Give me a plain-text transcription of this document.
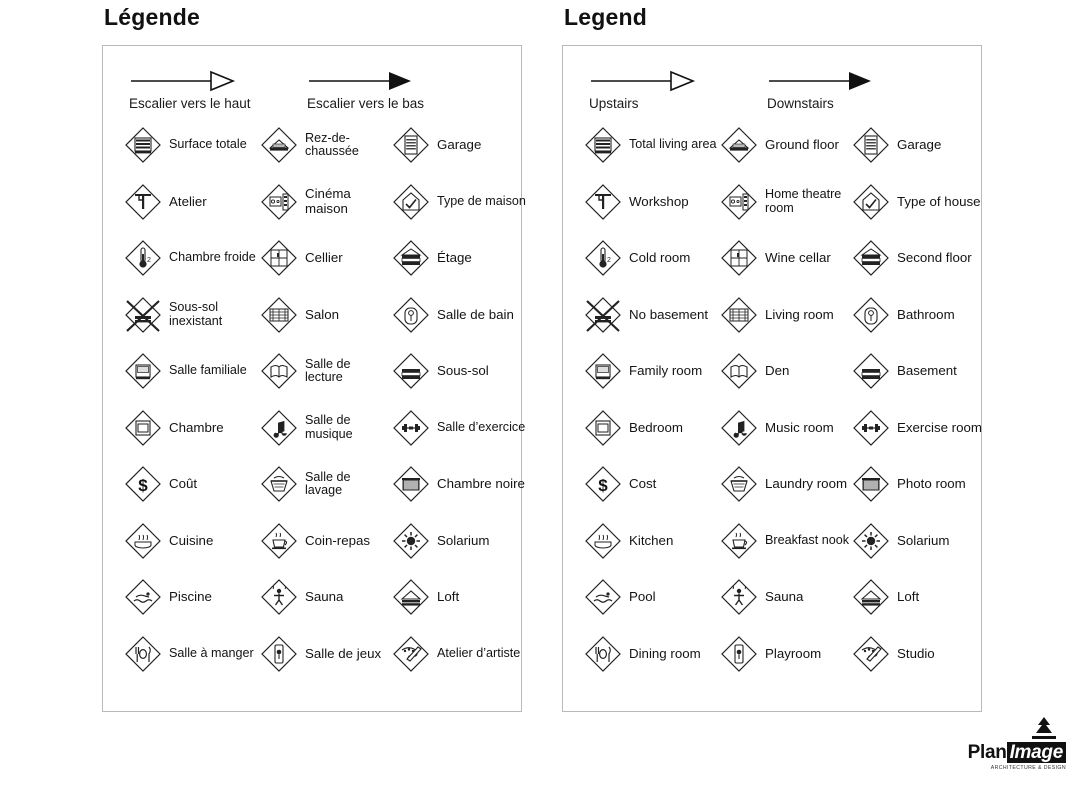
Légende
Escalier vers le haut	Escalier vers le bas
Surface totale	Rez-de-chaussée	Garage
Atelier	Cinéma maison	Type de maison
2 Chambre froide	Cellier	Étage
Sous-sol inexistant	Salon	Salle de bain
Salle familiale	Salle de lecture	Sous-sol
Chambre	Salle de musique	Salle d’exercice
$ Coût	Salle de lavage	Chambre noire
Cuisine	Coin-repas	Solarium
Piscine	Sauna	Loft
Salle à manger	Salle de jeux	Atelier d’artiste
Legend
Upstairs	Downstairs
Total living area	Ground floor	Garage
Workshop	Home theatre room	Type of house
2 Cold room	Wine cellar	Second floor
No basement	Living room	Bathroom
Family room	Den	Basement
Bedroom	Music room	Exercise room
$ Cost	Laundry room	Photo room
Kitchen	Breakfast nook	Solarium
Pool	Sauna	Loft
Dining room	Playroom	Studio
Plan Image
ARCHITECTURE & DESIGN
